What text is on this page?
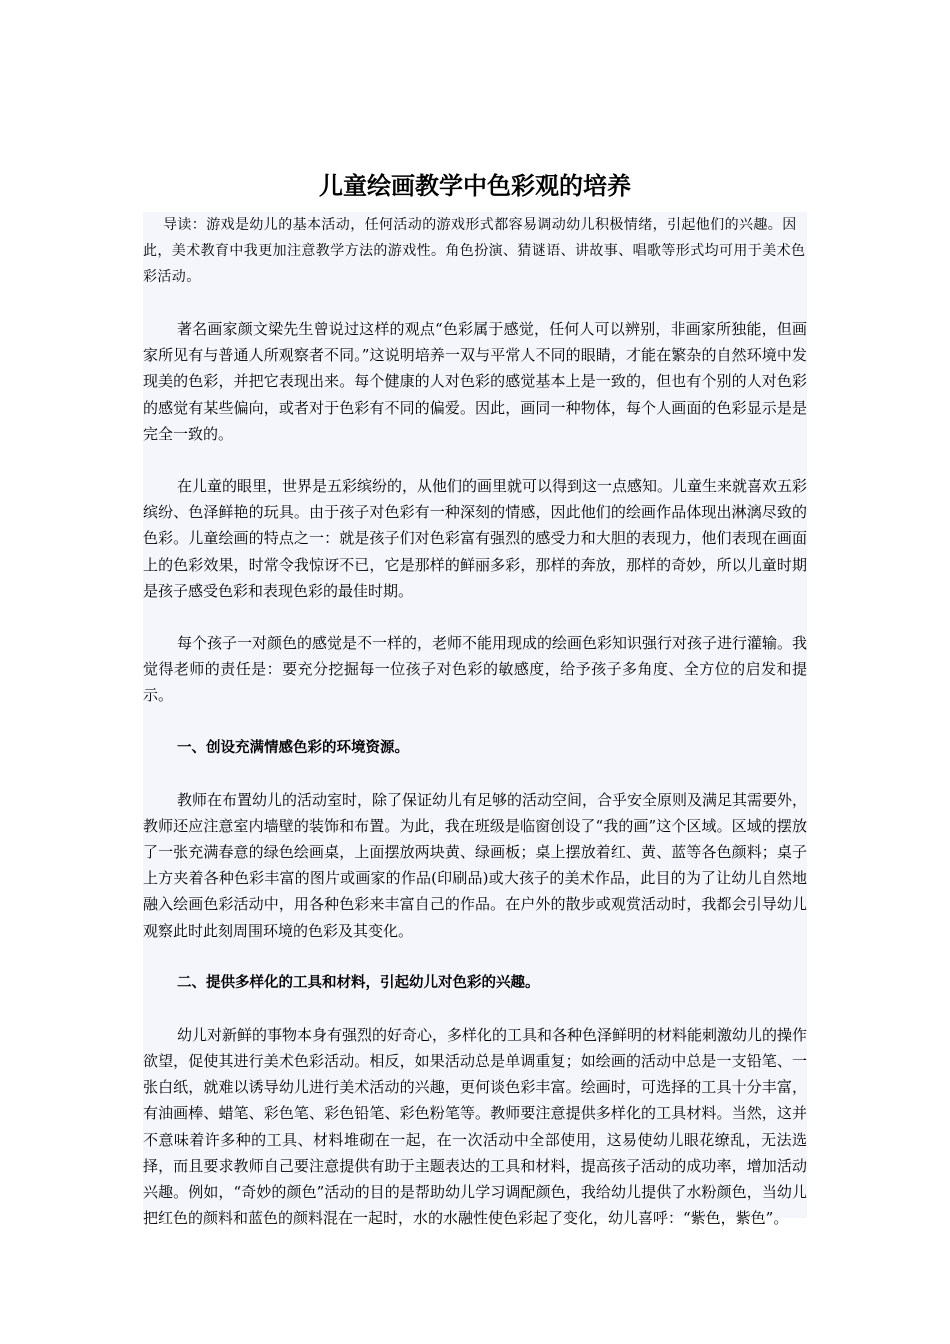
儿童绘画教学中色彩观的培养

导读：游戏是幼儿的基本活动，任何活动的游戏形式都容易调动幼儿积极情绪，引起他们的兴趣。因此，美术教育中我更加注意教学方法的游戏性。角色扮演、猜谜语、讲故事、唱歌等形式均可用于美术色彩活动。

著名画家颜文梁先生曾说过这样的观点“色彩属于感觉，任何人可以辨别，非画家所独能，但画家所见有与普通人所观察者不同。”这说明培养一双与平常人不同的眼睛，才能在繁杂的自然环境中发现美的色彩，并把它表现出来。每个健康的人对色彩的感觉基本上是一致的，但也有个别的人对色彩的感觉有某些偏向，或者对于色彩有不同的偏爱。因此，画同一种物体，每个人画面的色彩显示是是完全一致的。

在儿童的眼里，世界是五彩缤纷的，从他们的画里就可以得到这一点感知。儿童生来就喜欢五彩缤纷、色泽鲜艳的玩具。由于孩子对色彩有一种深刻的情感，因此他们的绘画作品体现出淋漓尽致的色彩。儿童绘画的特点之一：就是孩子们对色彩富有强烈的感受力和大胆的表现力，他们表现在画面上的色彩效果，时常令我惊讶不已，它是那样的鲜丽多彩，那样的奔放，那样的奇妙，所以儿童时期是孩子感受色彩和表现色彩的最佳时期。

每个孩子一对颜色的感觉是不一样的，老师不能用现成的绘画色彩知识强行对孩子进行灌输。我觉得老师的责任是：要充分挖掘每一位孩子对色彩的敏感度，给予孩子多角度、全方位的启发和提示。

一、创设充满情感色彩的环境资源。

教师在布置幼儿的活动室时，除了保证幼儿有足够的活动空间，合乎安全原则及满足其需要外，教师还应注意室内墙壁的装饰和布置。为此，我在班级是临窗创设了“我的画”这个区域。区域的摆放了一张充满春意的绿色绘画桌，上面摆放两块黄、绿画板；桌上摆放着红、黄、蓝等各色颜料；桌子上方夹着各种色彩丰富的图片或画家的作品(印刷品)或大孩子的美术作品，此目的为了让幼儿自然地融入绘画色彩活动中，用各种色彩来丰富自己的作品。在户外的散步或观赏活动时，我都会引导幼儿观察此时此刻周围环境的色彩及其变化。

二、提供多样化的工具和材料，引起幼儿对色彩的兴趣。

幼儿对新鲜的事物本身有强烈的好奇心，多样化的工具和各种色泽鲜明的材料能刺激幼儿的操作欲望，促使其进行美术色彩活动。相反，如果活动总是单调重复；如绘画的活动中总是一支铅笔、一张白纸，就难以诱导幼儿进行美术活动的兴趣，更何谈色彩丰富。绘画时，可选择的工具十分丰富，有油画棒、蜡笔、彩色笔、彩色铅笔、彩色粉笔等。教师要注意提供多样化的工具材料。当然，这并不意味着许多种的工具、材料堆砌在一起，在一次活动中全部使用，这易使幼儿眼花缭乱，无法选择，而且要求教师自己要注意提供有助于主题表达的工具和材料，提高孩子活动的成功率，增加活动兴趣。例如，“奇妙的颜色”活动的目的是帮助幼儿学习调配颜色，我给幼儿提供了水粉颜色，当幼儿把红色的颜料和蓝色的颜料混在一起时，水的水融性使色彩起了变化，幼儿喜呼：“紫色，紫色”。
